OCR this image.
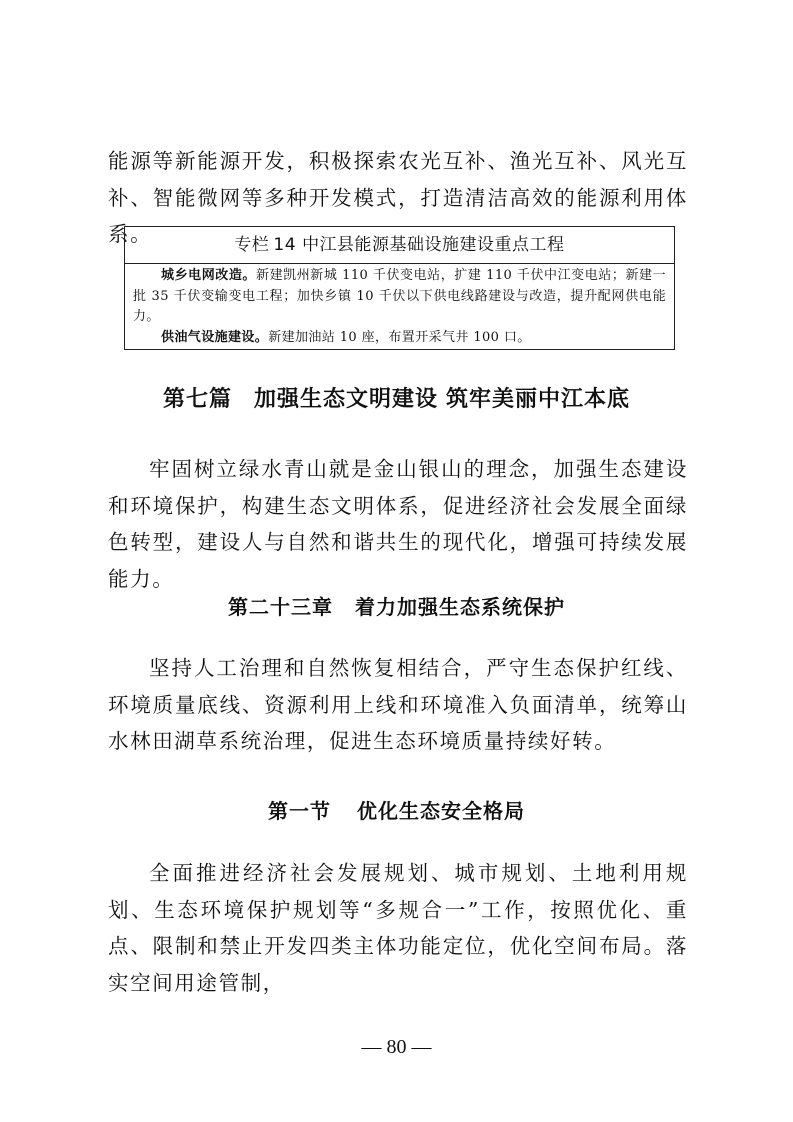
能源等新能源开发，积极探索农光互补、渔光互补、风光互补、智能微网等多种开发模式，打造清洁高效的能源利用体系。	专栏 14 中江县能源基础设施建设重点工程

城乡电网改造。新建凯州新城 110 千伏变电站，扩建 110 千伏中江变电站；新建一批 35 千伏变输变电工程；加快乡镇 10 千伏以下供电线路建设与改造，提升配网供电能力。

供油气设施建设。新建加油站 10 座，布置开采气井 100 口。

第七篇 加强生态文明建设 筑牢美丽中江本底

牢固树立绿水青山就是金山银山的理念，加强生态建设和环境保护，构建生态文明体系，促进经济社会发展全面绿色转型，建设人与自然和谐共生的现代化，增强可持续发展能力。

第二十三章 着力加强生态系统保护

坚持人工治理和自然恢复相结合，严守生态保护红线、环境质量底线、资源利用上线和环境准入负面清单，统筹山水林田湖草系统治理，促进生态环境质量持续好转。

第一节 优化生态安全格局

全面推进经济社会发展规划、城市规划、土地利用规划、生态环境保护规划等“多规合一”工作，按照优化、重点、限制和禁止开发四类主体功能定位，优化空间布局。落实空间用途管制，

— 80 —
